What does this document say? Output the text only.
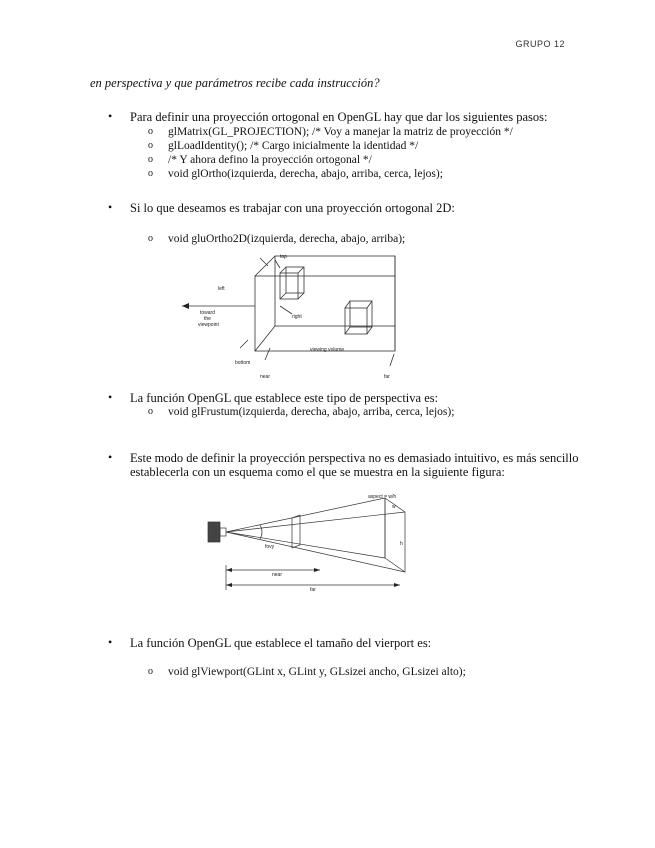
GRUPO 12
en perspectiva y que parámetros recibe cada instrucción?
• Para definir una proyección ortogonal en OpenGL hay que dar los siguientes pasos:
o glMatrix(GL_PROJECTION); /* Voy a manejar la matriz de proyección */
o glLoadIdentity(); /* Cargo inicialmente la identidad */
o /* Y ahora defino la proyección ortogonal */
o void glOrtho(izquierda, derecha, abajo, arriba, cerca, lejos);
• Si lo que deseamos es trabajar con una proyección ortogonal 2D:
o void gluOrtho2D(izquierda, derecha, abajo, arriba);
top
left
toward
the
viewpoint
right
bottom
viewing volume
near	far
• La función OpenGL que establece este tipo de perspectiva es:
o void glFrustum(izquierda, derecha, abajo, arriba, cerca, lejos);
• Este modo de definir la proyección perspectiva no es demasiado intuitivo, es más sencillo
establecerla con un esquema como el que se muestra en la siguiente figura:
aspect = w/h
w
h
fovy
near
far
• La función OpenGL que establece el tamaño del vierport es:
o void glViewport(GLint x, GLint y, GLsizei ancho, GLsizei alto);
